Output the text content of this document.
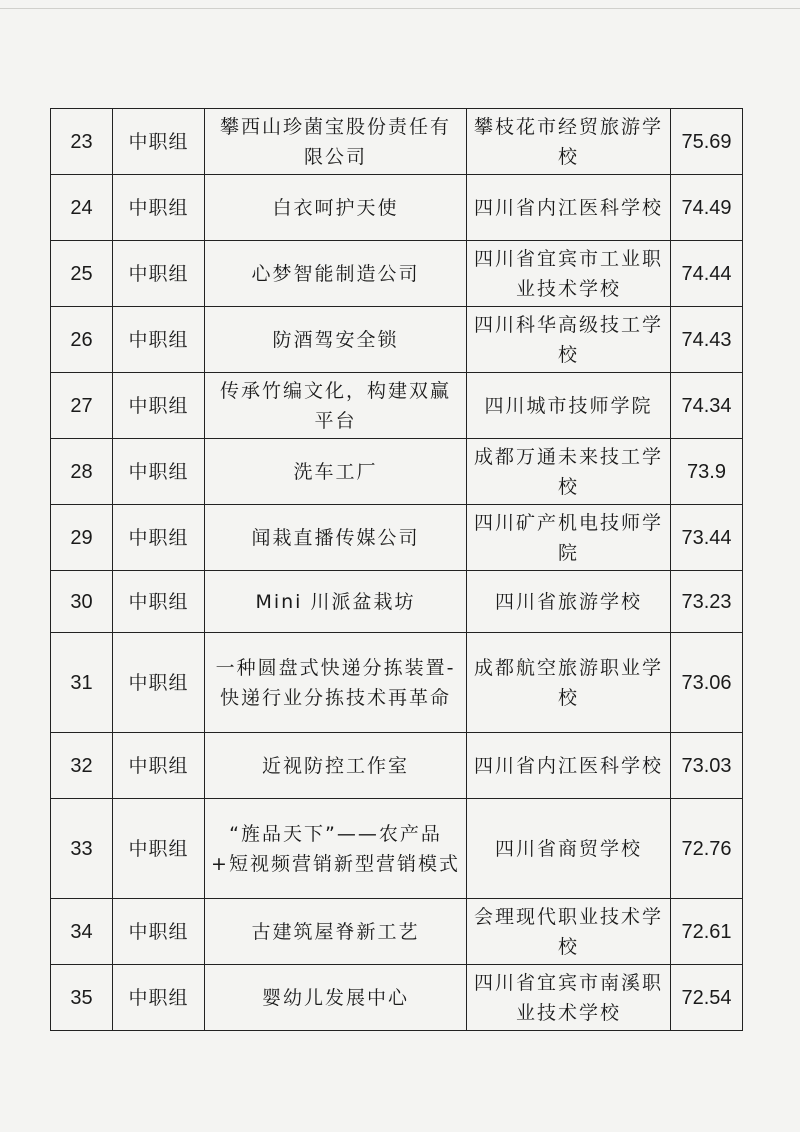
23	中职组	攀西山珍菌宝股份责任有限公司	攀枝花市经贸旅游学校	75.69
24	中职组	白衣呵护天使	四川省内江医科学校	74.49
25	中职组	心梦智能制造公司	四川省宜宾市工业职业技术学校	74.44
26	中职组	防酒驾安全锁	四川科华高级技工学校	74.43
27	中职组	传承竹编文化，构建双赢平台	四川城市技师学院	74.34
28	中职组	洗车工厂	成都万通未来技工学校	73.9
29	中职组	闻栽直播传媒公司	四川矿产机电技师学院	73.44
30	中职组	Mini 川派盆栽坊	四川省旅游学校	73.23
31	中职组	一种圆盘式快递分拣装置-快递行业分拣技术再革命	成都航空旅游职业学校	73.06
32	中职组	近视防控工作室	四川省内江医科学校	73.03
33	中职组	“旌品天下”——农产品+短视频营销新型营销模式	四川省商贸学校	72.76
34	中职组	古建筑屋脊新工艺	会理现代职业技术学校	72.61
35	中职组	婴幼儿发展中心	四川省宜宾市南溪职业技术学校	72.54
